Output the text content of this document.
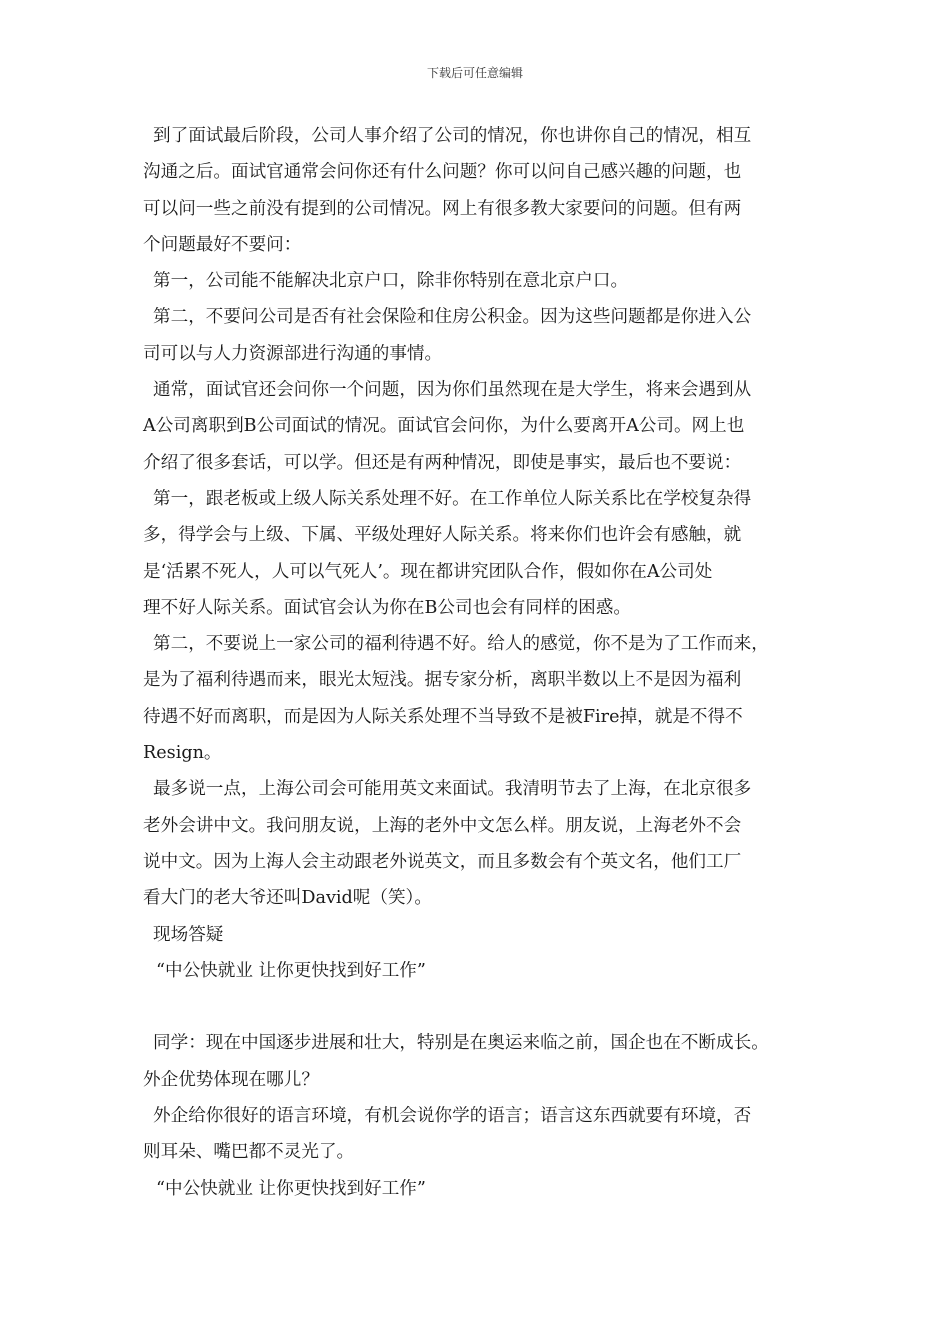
下载后可任意编辑
到了面试最后阶段，公司人事介绍了公司的情况，你也讲你自己的情况，相互
沟通之后。面试官通常会问你还有什么问题？你可以问自己感兴趣的问题，也
可以问一些之前没有提到的公司情况。网上有很多教大家要问的问题。但有两
个问题最好不要问：
第一，公司能不能解决北京户口，除非你特别在意北京户口。
第二，不要问公司是否有社会保险和住房公积金。因为这些问题都是你进入公
司可以与人力资源部进行沟通的事情。
通常，面试官还会问你一个问题，因为你们虽然现在是大学生，将来会遇到从
A公司离职到B公司面试的情况。面试官会问你，为什么要离开A公司。网上也
介绍了很多套话，可以学。但还是有两种情况，即使是事实，最后也不要说：
第一，跟老板或上级人际关系处理不好。在工作单位人际关系比在学校复杂得
多，得学会与上级、下属、平级处理好人际关系。将来你们也许会有感触，就
是‘活累不死人，人可以气死人’。现在都讲究团队合作，假如你在A公司处
理不好人际关系。面试官会认为你在B公司也会有同样的困惑。
第二，不要说上一家公司的福利待遇不好。给人的感觉，你不是为了工作而来，
是为了福利待遇而来，眼光太短浅。据专家分析，离职半数以上不是因为福利
待遇不好而离职，而是因为人际关系处理不当导致不是被Fire掉，就是不得不
Resign。
最多说一点，上海公司会可能用英文来面试。我清明节去了上海，在北京很多
老外会讲中文。我问朋友说，上海的老外中文怎么样。朋友说，上海老外不会
说中文。因为上海人会主动跟老外说英文，而且多数会有个英文名，他们工厂
看大门的老大爷还叫David呢（笑）。
现场答疑
“中公快就业 让你更快找到好工作”
同学：现在中国逐步进展和壮大，特别是在奥运来临之前，国企也在不断成长。
外企优势体现在哪儿？
外企给你很好的语言环境，有机会说你学的语言；语言这东西就要有环境，否
则耳朵、嘴巴都不灵光了。
“中公快就业 让你更快找到好工作”
